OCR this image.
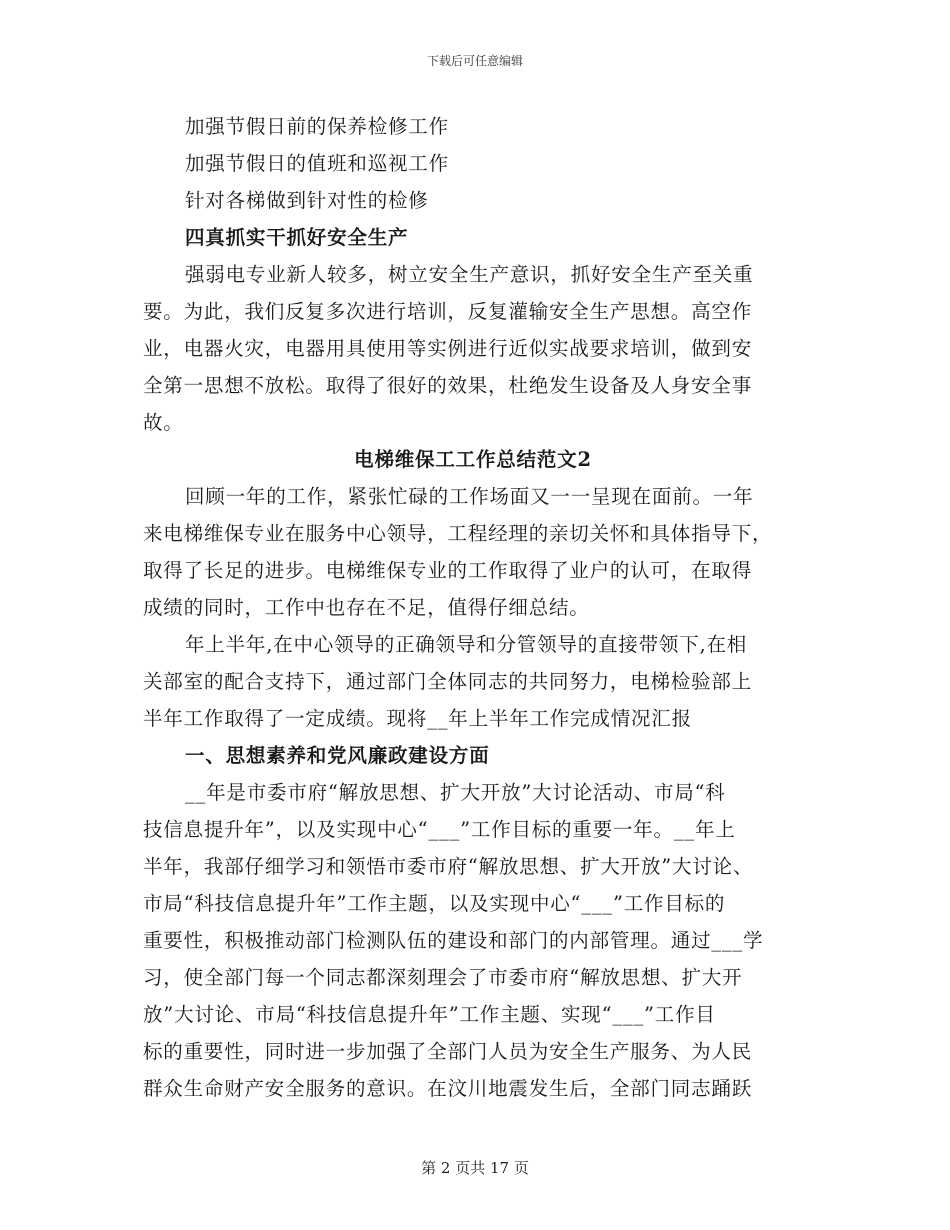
下载后可任意编辑
加强节假日前的保养检修工作
加强节假日的值班和巡视工作
针对各梯做到针对性的检修
四真抓实干抓好安全生产
强弱电专业新人较多，树立安全生产意识，抓好安全生产至关重
要。为此，我们反复多次进行培训，反复灌输安全生产思想。高空作
业，电器火灾，电器用具使用等实例进行近似实战要求培训，做到安
全第一思想不放松。取得了很好的效果，杜绝发生设备及人身安全事
故。
电梯维保工工作总结范文2
回顾一年的工作，紧张忙碌的工作场面又一一呈现在面前。一年
来电梯维保专业在服务中心领导，工程经理的亲切关怀和具体指导下，
取得了长足的进步。电梯维保专业的工作取得了业户的认可，在取得
成绩的同时，工作中也存在不足，值得仔细总结。
年上半年,在中心领导的正确领导和分管领导的直接带领下,在相
关部室的配合支持下，通过部门全体同志的共同努力，电梯检验部上
半年工作取得了一定成绩。现将__年上半年工作完成情况汇报
一、思想素养和党风廉政建设方面
__年是市委市府“解放思想、扩大开放”大讨论活动、市局“科
技信息提升年”，以及实现中心“___”工作目标的重要一年。__年上
半年，我部仔细学习和领悟市委市府“解放思想、扩大开放”大讨论、
市局“科技信息提升年”工作主题，以及实现中心“___”工作目标的
重要性，积极推动部门检测队伍的建设和部门的内部管理。通过___学
习，使全部门每一个同志都深刻理会了市委市府“解放思想、扩大开
放”大讨论、市局“科技信息提升年”工作主题、实现“___”工作目
标的重要性，同时进一步加强了全部门人员为安全生产服务、为人民
群众生命财产安全服务的意识。在汶川地震发生后，全部门同志踊跃
第 2 页共 17 页
